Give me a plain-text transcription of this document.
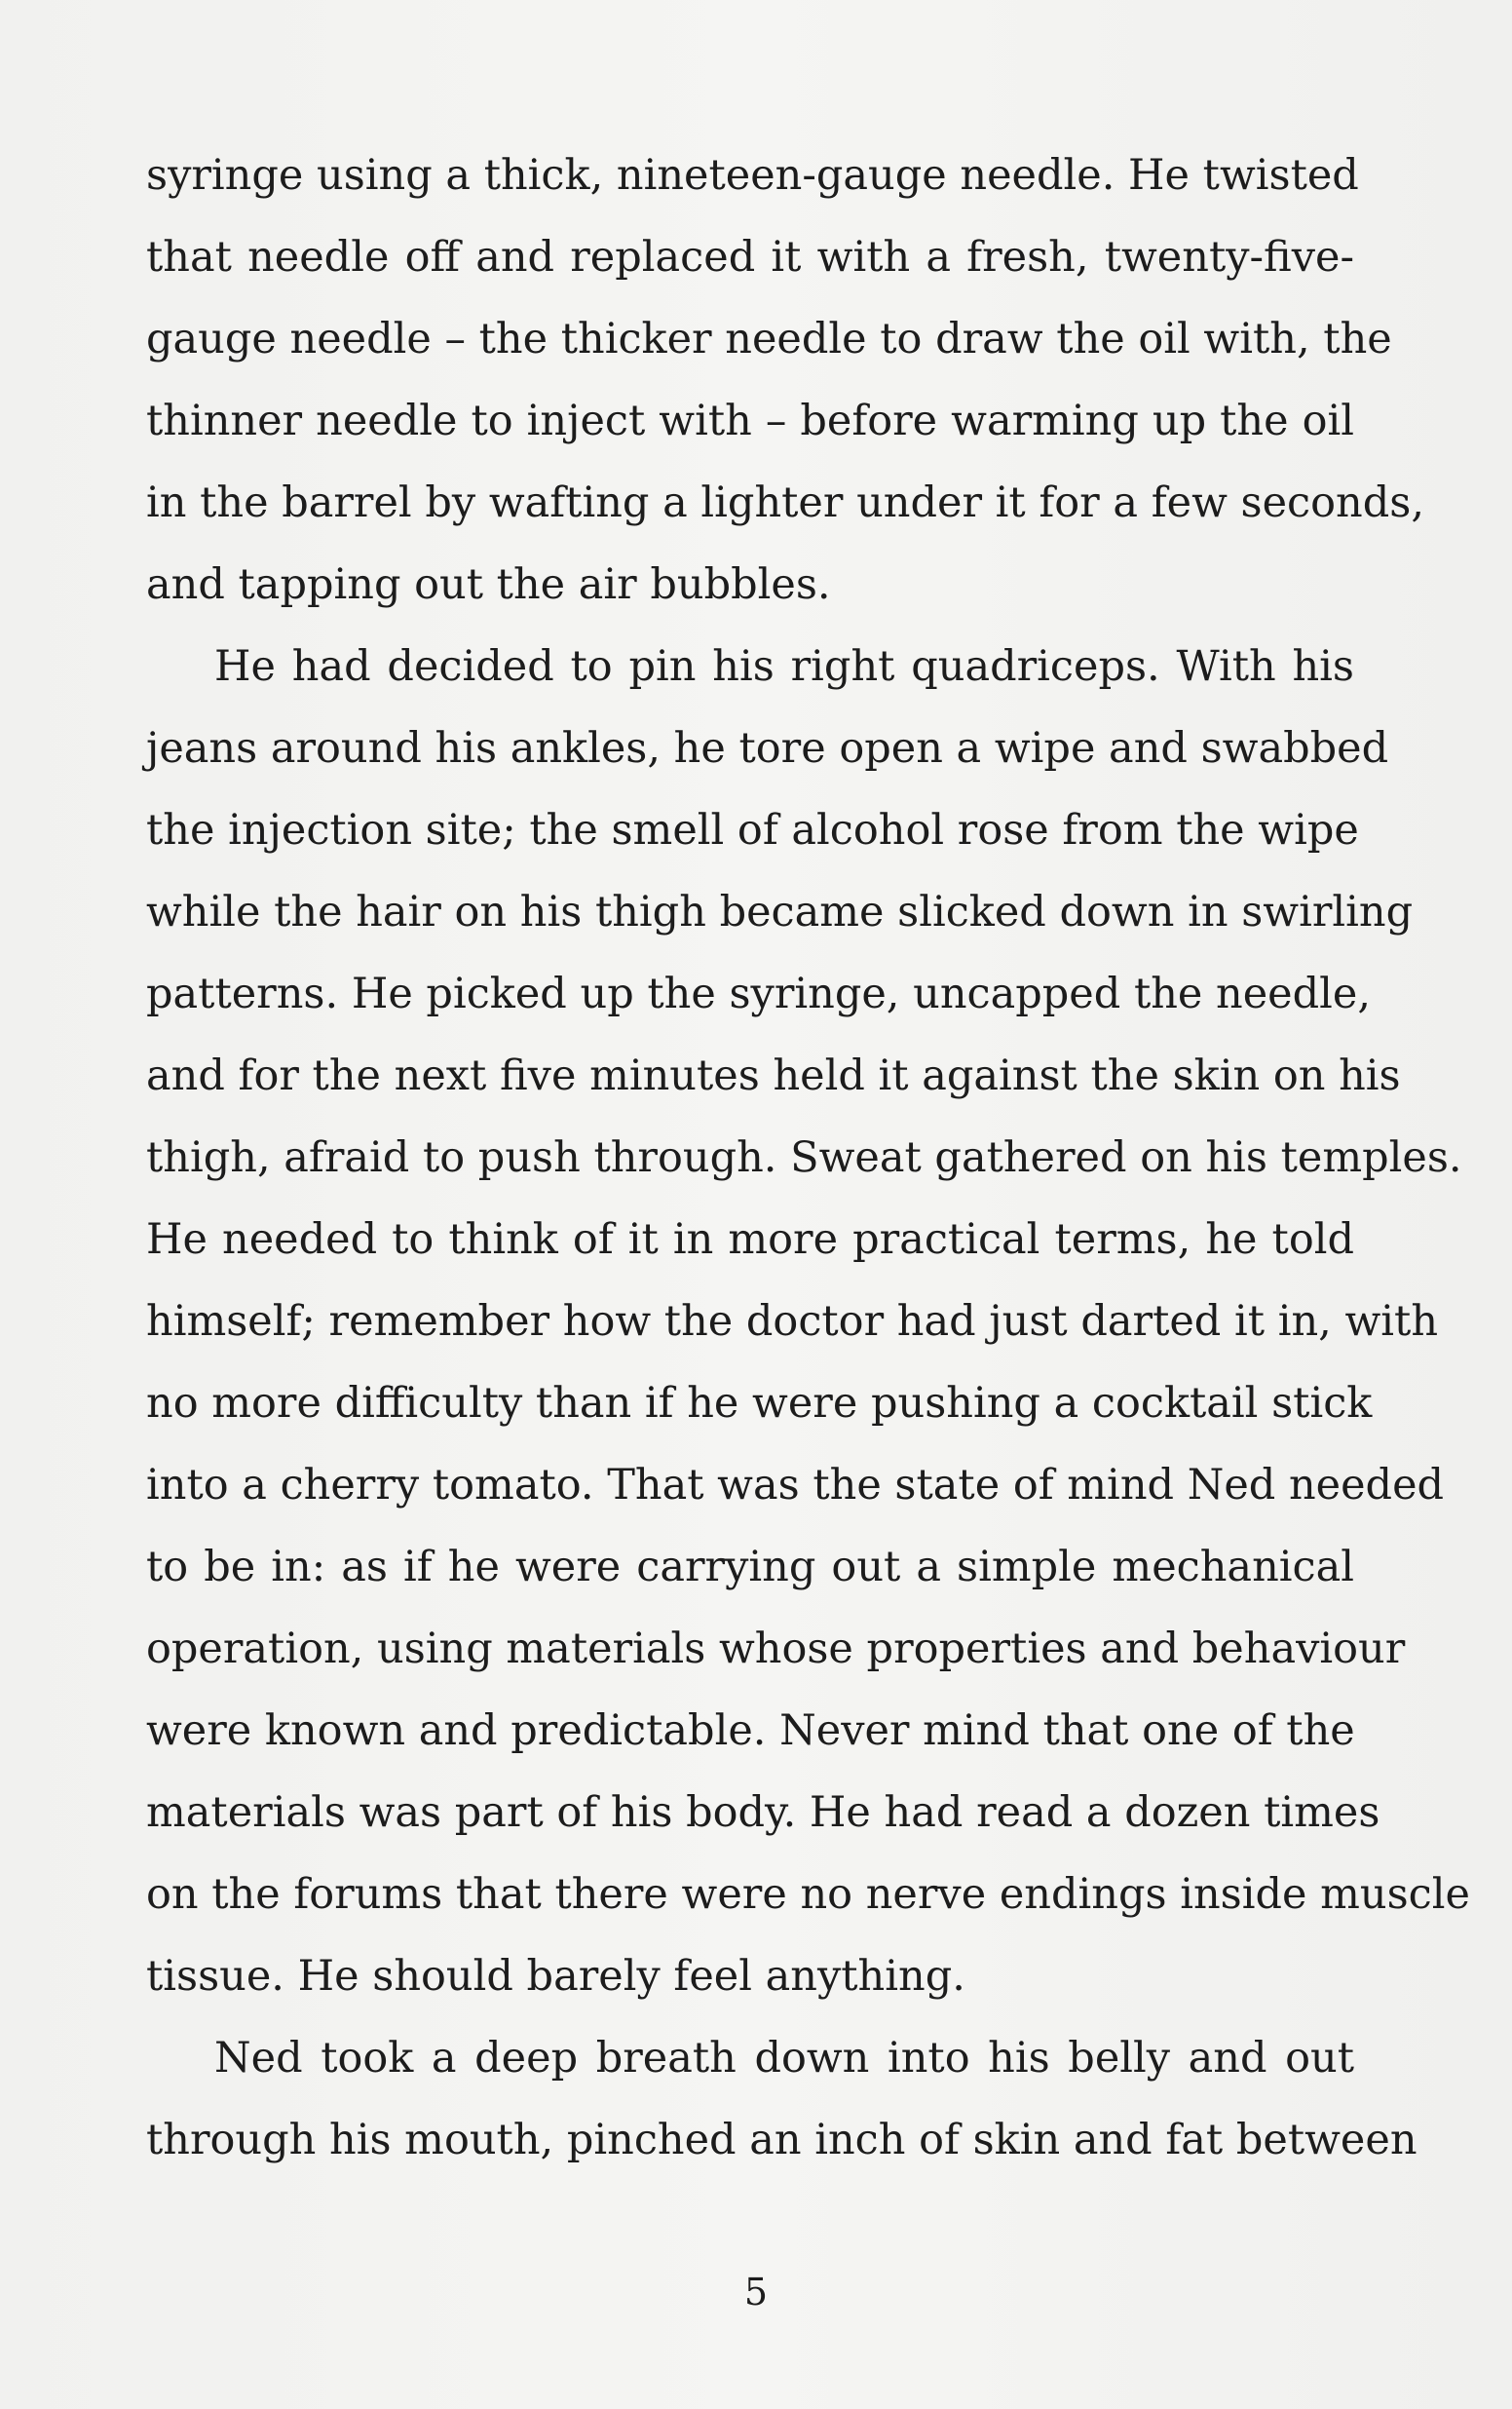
syringe using a thick, nineteen-gauge needle. He twisted
that needle off and replaced it with a fresh, twenty-five-
gauge needle – the thicker needle to draw the oil with, the
thinner needle to inject with – before warming up the oil
in the barrel by wafting a lighter under it for a few seconds,
and tapping out the air bubbles.
He had decided to pin his right quadriceps. With his
jeans around his ankles, he tore open a wipe and swabbed
the injection site; the smell of alcohol rose from the wipe
while the hair on his thigh became slicked down in swirling
patterns. He picked up the syringe, uncapped the needle,
and for the next five minutes held it against the skin on his
thigh, afraid to push through. Sweat gathered on his temples.
He needed to think of it in more practical terms, he told
himself; remember how the doctor had just darted it in, with
no more difficulty than if he were pushing a cocktail stick
into a cherry tomato. That was the state of mind Ned needed
to be in: as if he were carrying out a simple mechanical
operation, using materials whose properties and behaviour
were known and predictable. Never mind that one of the
materials was part of his body. He had read a dozen times
on the forums that there were no nerve endings inside muscle
tissue. He should barely feel anything.
Ned took a deep breath down into his belly and out
through his mouth, pinched an inch of skin and fat between
5
